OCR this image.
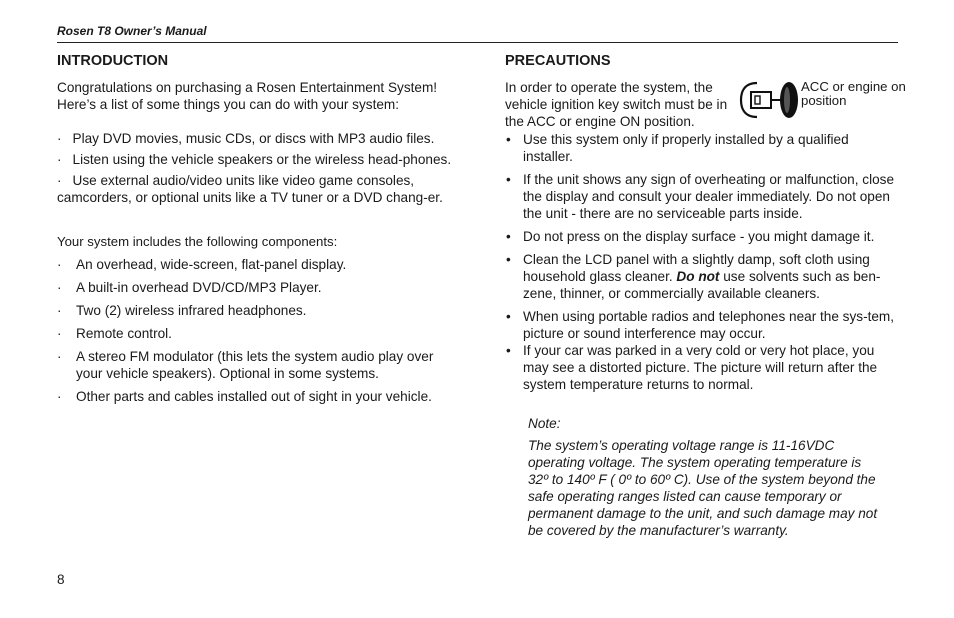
Rosen T8 Owner’s Manual
INTRODUCTION

Congratulations on purchasing a Rosen Entertainment System! Here’s a list of some things you can do with your system:

· Play DVD movies, music CDs, or discs with MP3 audio files.
· Listen using the vehicle speakers or the wireless head-phones.
· Use external audio/video units like video game consoles, camcorders, or optional units like a TV tuner or a DVD chang-er.

Your system includes the following components:

· An overhead, wide-screen, flat-panel display.
· A built-in overhead DVD/CD/MP3 Player.
· Two (2) wireless infrared headphones.
· Remote control.
· A stereo FM modulator (this lets the system audio play over your vehicle speakers). Optional in some systems.
· Other parts and cables installed out of sight in your vehicle.
PRECAUTIONS

In order to operate the system, the vehicle ignition key switch must be in the ACC or engine ON position.

ACC or engine on position
• Use this system only if properly installed by a qualified installer.
• If the unit shows any sign of overheating or malfunction, close the display and consult your dealer immediately. Do not open the unit - there are no serviceable parts inside.
• Do not press on the display surface - you might damage it.
• Clean the LCD panel with a slightly damp, soft cloth using household glass cleaner. Do not use solvents such as ben-zene, thinner, or commercially available cleaners.
• When using portable radios and telephones near the sys-tem, picture or sound interference may occur.
• If your car was parked in a very cold or very hot place, you may see a distorted picture. The picture will return after the system temperature returns to normal.

Note:

The system’s operating voltage range is 11-16VDC operating voltage. The system operating temperature is 32º to 140º F ( 0º to 60º C). Use of the system beyond the safe operating ranges listed can cause temporary or permanent damage to the unit, and such damage may not be covered by the manufacturer’s warranty.

8
